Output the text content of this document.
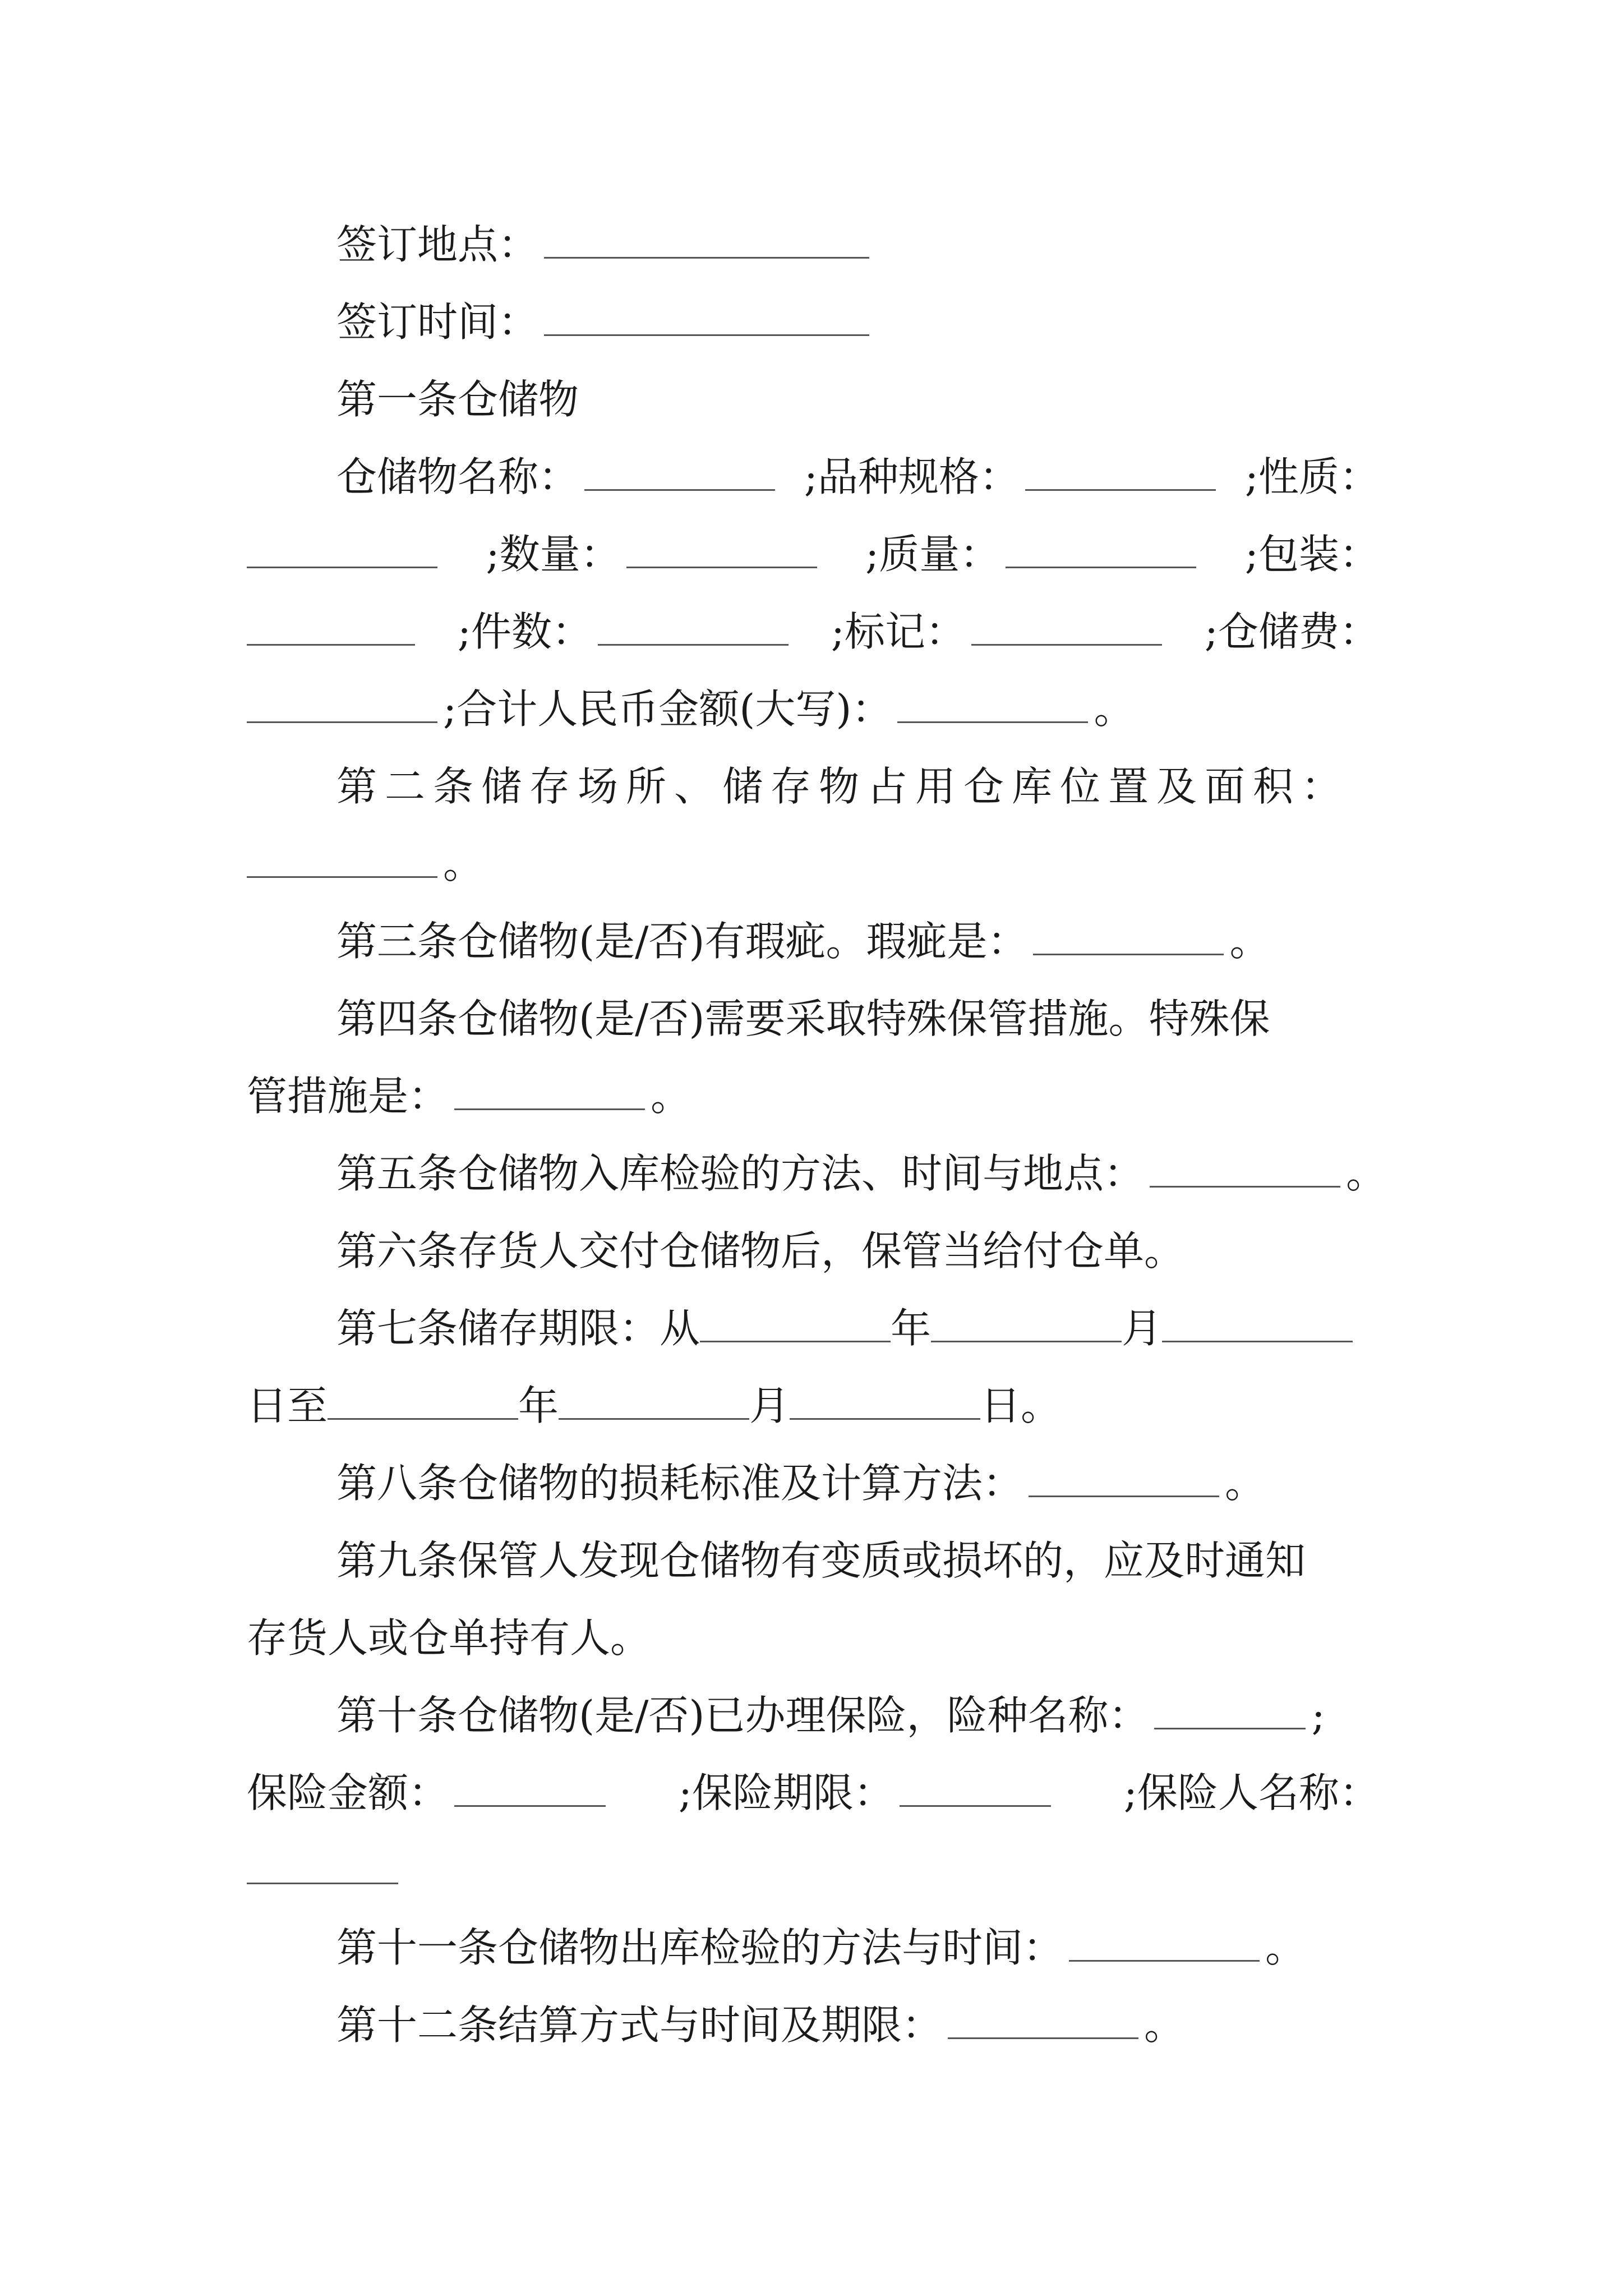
签订地点：
签订时间：
第一条仓储物
仓储物名称：	;品种规格：	;性质：
;数量：	;质量：	;包装：
;件数：	;标记：	;仓储费：
;合计人民币金额(大写)：	。
第二条储存场所、储存物占用仓库位置及面积：
。
第三条仓储物(是/否)有瑕疵。瑕疵是：	。
第四条仓储物(是/否)需要采取特殊保管措施。特殊保
管措施是：	。
第五条仓储物入库检验的方法、时间与地点：	。
第六条存货人交付仓储物后，保管当给付仓单。
第七条储存期限：从	年	月
日至	年	月	日。
第八条仓储物的损耗标准及计算方法：	。
第九条保管人发现仓储物有变质或损坏的，应及时通知
存货人或仓单持有人。
第十条仓储物(是/否)已办理保险，险种名称：	;
保险金额：	;保险期限：	;保险人名称：
第十一条仓储物出库检验的方法与时间：	。
第十二条结算方式与时间及期限：	。
